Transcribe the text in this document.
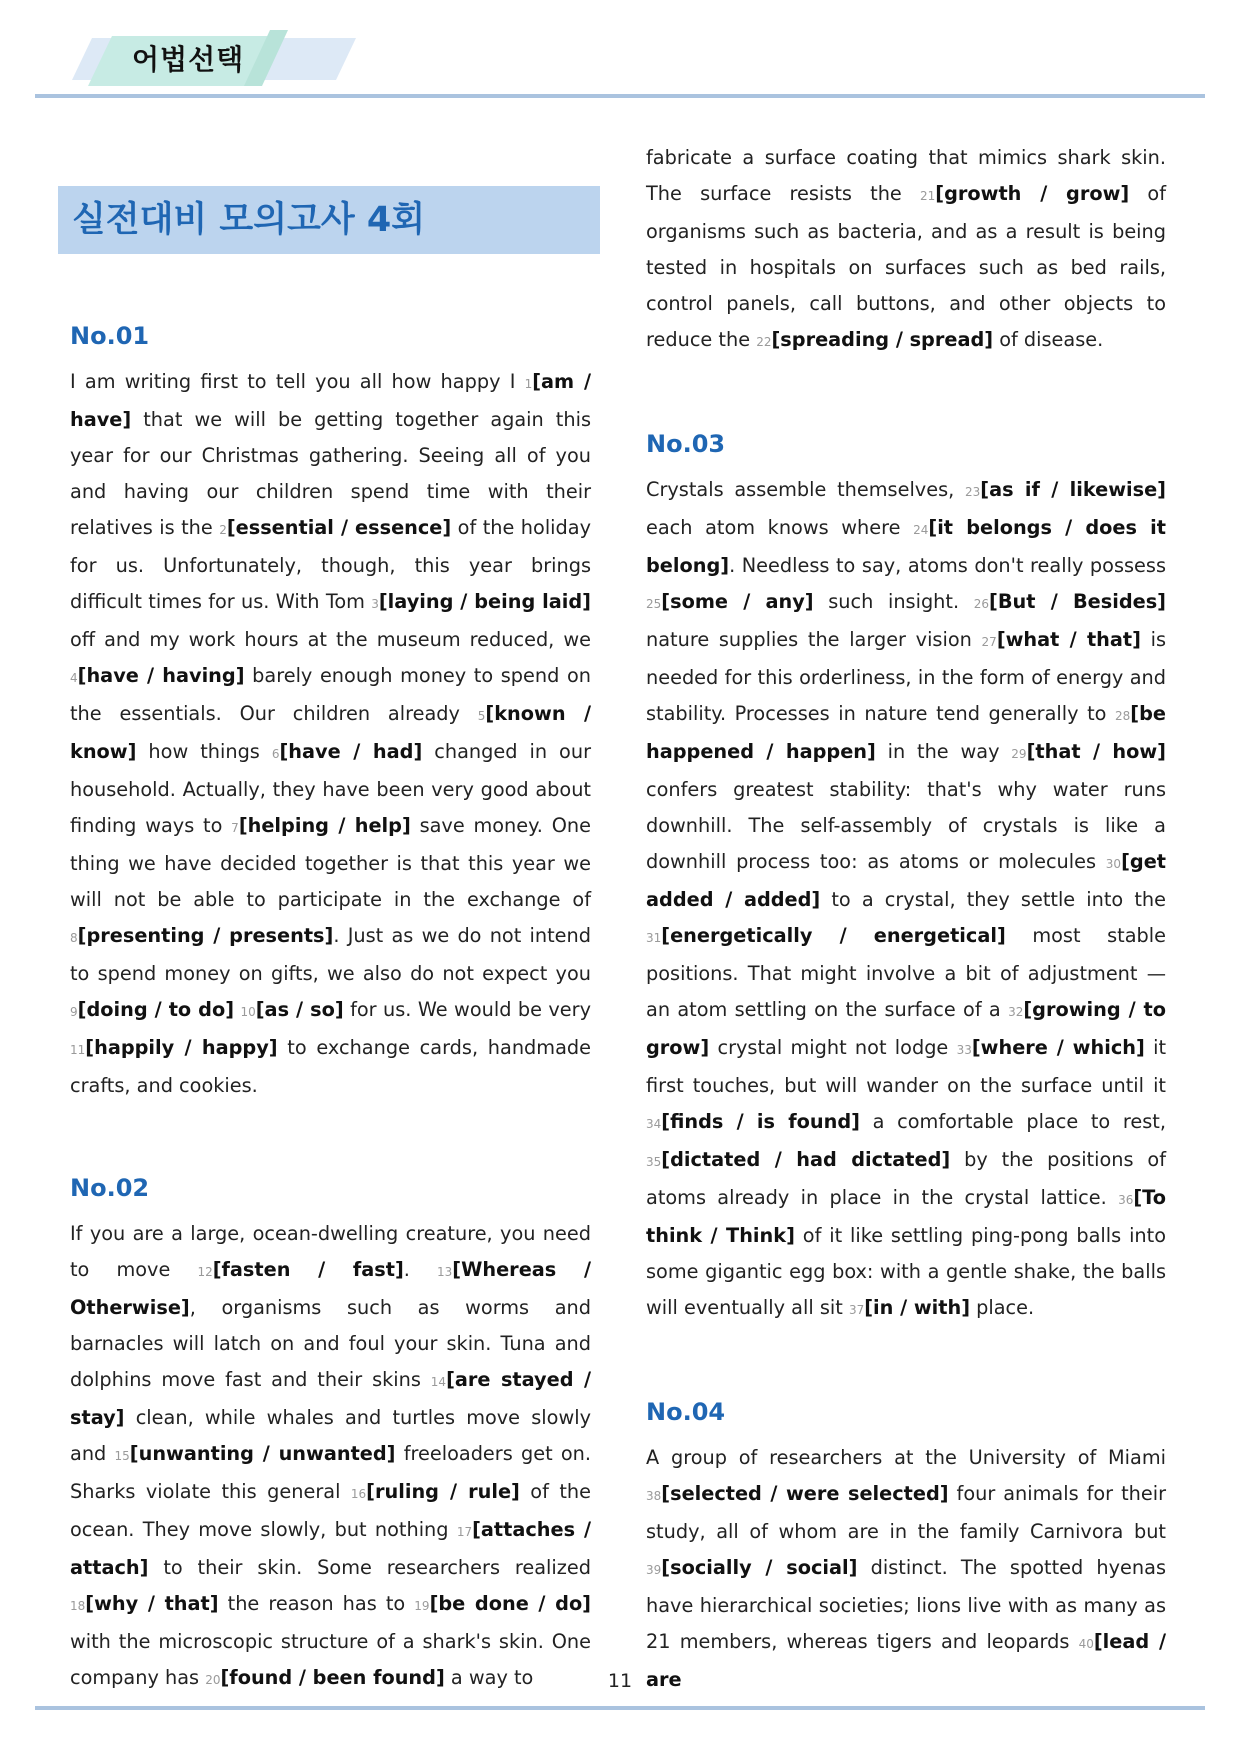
어법선택
실전대비 모의고사 4회
No.01

I am writing first to tell you all how happy I 1[am / have] that we will be getting together again this year for our Christmas gathering. Seeing all of you and having our children spend time with their relatives is the 2[essential / essence] of the holiday for us. Unfortunately, though, this year brings difficult times for us. With Tom 3[laying / being laid] off and my work hours at the museum reduced, we 4[have / having] barely enough money to spend on the essentials. Our children already 5[known / know] how things 6[have / had] changed in our household. Actually, they have been very good about finding ways to 7[helping / help] save money. One thing we have decided together is that this year we will not be able to participate in the exchange of 8[presenting / presents]. Just as we do not intend to spend money on gifts, we also do not expect you 9[doing / to do] 10[as / so] for us. We would be very 11[happily / happy] to exchange cards, handmade crafts, and cookies.

No.02

If you are a large, ocean-dwelling creature, you need to move 12[fasten / fast]. 13[Whereas / Otherwise], organisms such as worms and barnacles will latch on and foul your skin. Tuna and dolphins move fast and their skins 14[are stayed / stay] clean, while whales and turtles move slowly and 15[unwanting / unwanted] freeloaders get on. Sharks violate this general 16[ruling / rule] of the ocean. They move slowly, but nothing 17[attaches / attach] to their skin. Some researchers realized 18[why / that] the reason has to 19[be done / do] with the microscopic structure of a shark's skin. One company has 20[found / been found] a way to

fabricate a surface coating that mimics shark skin. The surface resists the 21[growth / grow] of organisms such as bacteria, and as a result is being tested in hospitals on surfaces such as bed rails, control panels, call buttons, and other objects to reduce the 22[spreading / spread] of disease.

No.03

Crystals assemble themselves, 23[as if / likewise] each atom knows where 24[it belongs / does it belong]. Needless to say, atoms don't really possess 25[some / any] such insight. 26[But / Besides] nature supplies the larger vision 27[what / that] is needed for this orderliness, in the form of energy and stability. Processes in nature tend generally to 28[be happened / happen] in the way 29[that / how] confers greatest stability: that's why water runs downhill. The self-assembly of crystals is like a downhill process too: as atoms or molecules 30[get added / added] to a crystal, they settle into the 31[energetically / energetical] most stable positions. That might involve a bit of adjustment — an atom settling on the surface of a 32[growing / to grow] crystal might not lodge 33[where / which] it first touches, but will wander on the surface until it 34[finds / is found] a comfortable place to rest, 35[dictated / had dictated] by the positions of atoms already in place in the crystal lattice. 36[To think / Think] of it like settling ping-pong balls into some gigantic egg box: with a gentle shake, the balls will eventually all sit 37[in / with] place.

No.04

A group of researchers at the University of Miami 38[selected / were selected] four animals for their study, all of whom are in the family Carnivora but 39[socially / social] distinct. The spotted hyenas have hierarchical societies; lions live with as many as 21 members, whereas tigers and leopards 40[lead / are

11
